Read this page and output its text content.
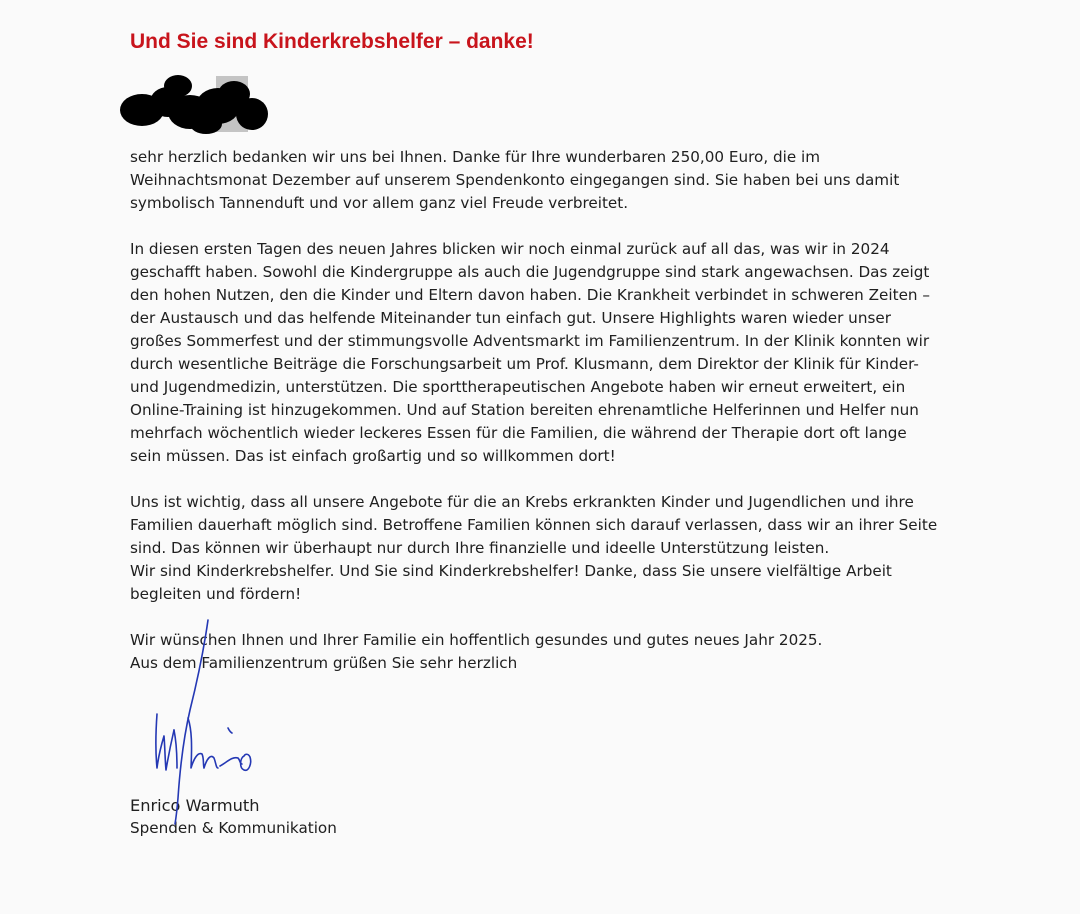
Und Sie sind Kinderkrebshelfer – danke!

sehr herzlich bedanken wir uns bei Ihnen. Danke für Ihre wunderbaren 250,00 Euro, die im
Weihnachtsmonat Dezember auf unserem Spendenkonto eingegangen sind. Sie haben bei uns damit
symbolisch Tannenduft und vor allem ganz viel Freude verbreitet.

In diesen ersten Tagen des neuen Jahres blicken wir noch einmal zurück auf all das, was wir in 2024
geschafft haben. Sowohl die Kindergruppe als auch die Jugendgruppe sind stark angewachsen. Das zeigt
den hohen Nutzen, den die Kinder und Eltern davon haben. Die Krankheit verbindet in schweren Zeiten –
der Austausch und das helfende Miteinander tun einfach gut. Unsere Highlights waren wieder unser
großes Sommerfest und der stimmungsvolle Adventsmarkt im Familienzentrum. In der Klinik konnten wir
durch wesentliche Beiträge die Forschungsarbeit um Prof. Klusmann, dem Direktor der Klinik für Kinder-
und Jugendmedizin, unterstützen. Die sporttherapeutischen Angebote haben wir erneut erweitert, ein
Online-Training ist hinzugekommen. Und auf Station bereiten ehrenamtliche Helferinnen und Helfer nun
mehrfach wöchentlich wieder leckeres Essen für die Familien, die während der Therapie dort oft lange
sein müssen. Das ist einfach großartig und so willkommen dort!

Uns ist wichtig, dass all unsere Angebote für die an Krebs erkrankten Kinder und Jugendlichen und ihre
Familien dauerhaft möglich sind. Betroffene Familien können sich darauf verlassen, dass wir an ihrer Seite
sind. Das können wir überhaupt nur durch Ihre finanzielle und ideelle Unterstützung leisten.
Wir sind Kinderkrebshelfer. Und Sie sind Kinderkrebshelfer! Danke, dass Sie unsere vielfältige Arbeit
begleiten und fördern!

Wir wünschen Ihnen und Ihrer Familie ein hoffentlich gesundes und gutes neues Jahr 2025.
Aus dem Familienzentrum grüßen Sie sehr herzlich

Enrico Warmuth
Spenden & Kommunikation
